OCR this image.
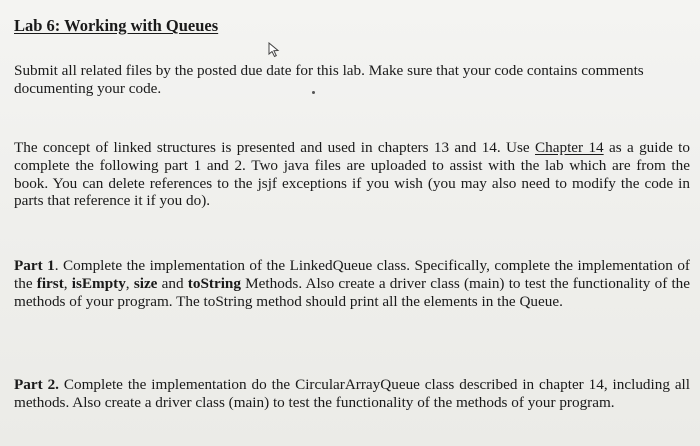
Lab 6: Working with Queues

Submit all related files by the posted due date for this lab. Make sure that your code contains comments documenting your code.

The concept of linked structures is presented and used in chapters 13 and 14. Use Chapter 14 as a guide to complete the following part 1 and 2. Two java files are uploaded to assist with the lab which are from the book. You can delete references to the jsjf exceptions if you wish (you may also need to modify the code in parts that reference it if you do).

Part 1. Complete the implementation of the LinkedQueue class. Specifically, complete the implementation of the first, isEmpty, size and toString Methods. Also create a driver class (main) to test the functionality of the methods of your program. The toString method should print all the elements in the Queue.

Part 2. Complete the implementation do the CircularArrayQueue class described in chapter 14, including all methods. Also create a driver class (main) to test the functionality of the methods of your program.
